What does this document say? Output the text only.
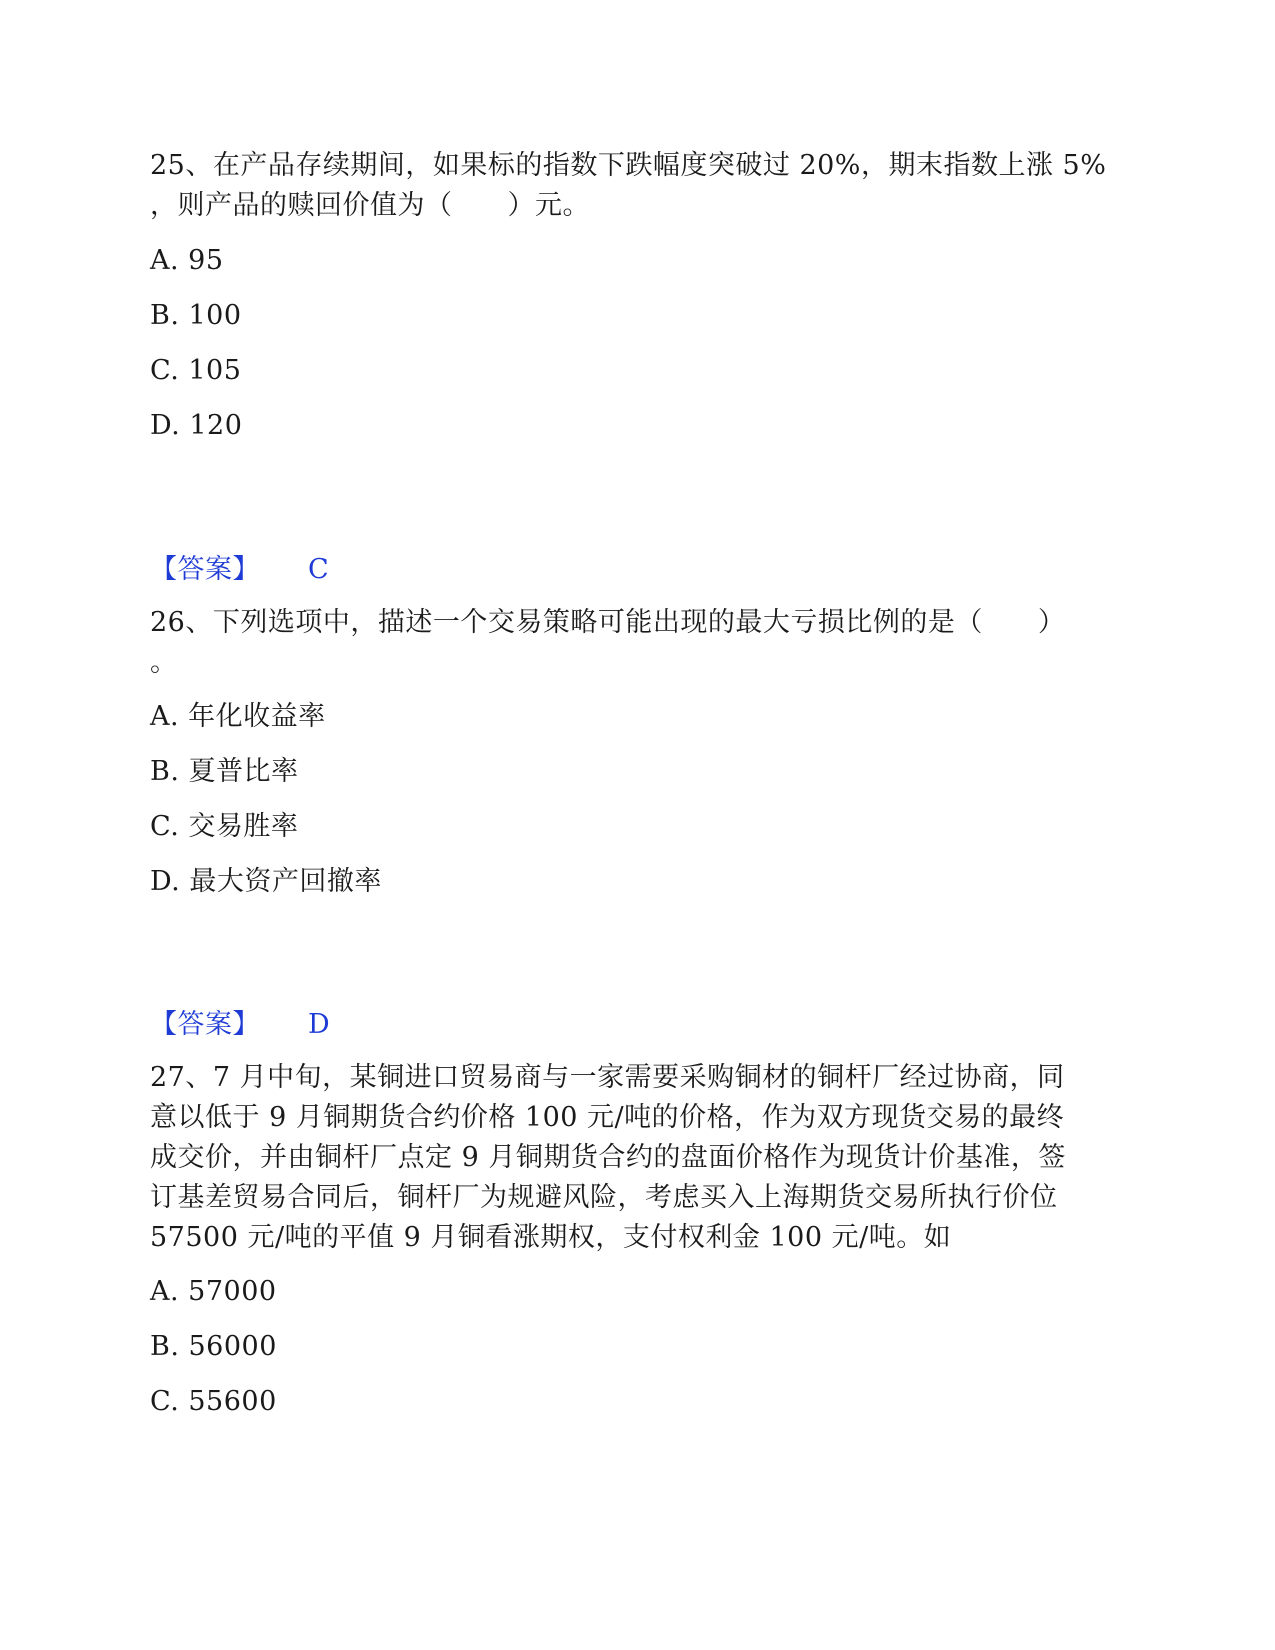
25、在产品存续期间，如果标的指数下跌幅度突破过 20%，期末指数上涨 5%
，则产品的赎回价值为（　　）元。
A. 95
B. 100
C. 105
D. 120
【答案】 C
26、下列选项中，描述一个交易策略可能出现的最大亏损比例的是（　　）
。
A. 年化收益率
B. 夏普比率
C. 交易胜率
D. 最大资产回撤率
【答案】 D
27、7 月中旬，某铜进口贸易商与一家需要采购铜材的铜杆厂经过协商，同
意以低于 9 月铜期货合约价格 100 元/吨的价格，作为双方现货交易的最终
成交价，并由铜杆厂点定 9 月铜期货合约的盘面价格作为现货计价基准，签
订基差贸易合同后，铜杆厂为规避风险，考虑买入上海期货交易所执行价位
57500 元/吨的平值 9 月铜看涨期权，支付权利金 100 元/吨。如
A. 57000
B. 56000
C. 55600
